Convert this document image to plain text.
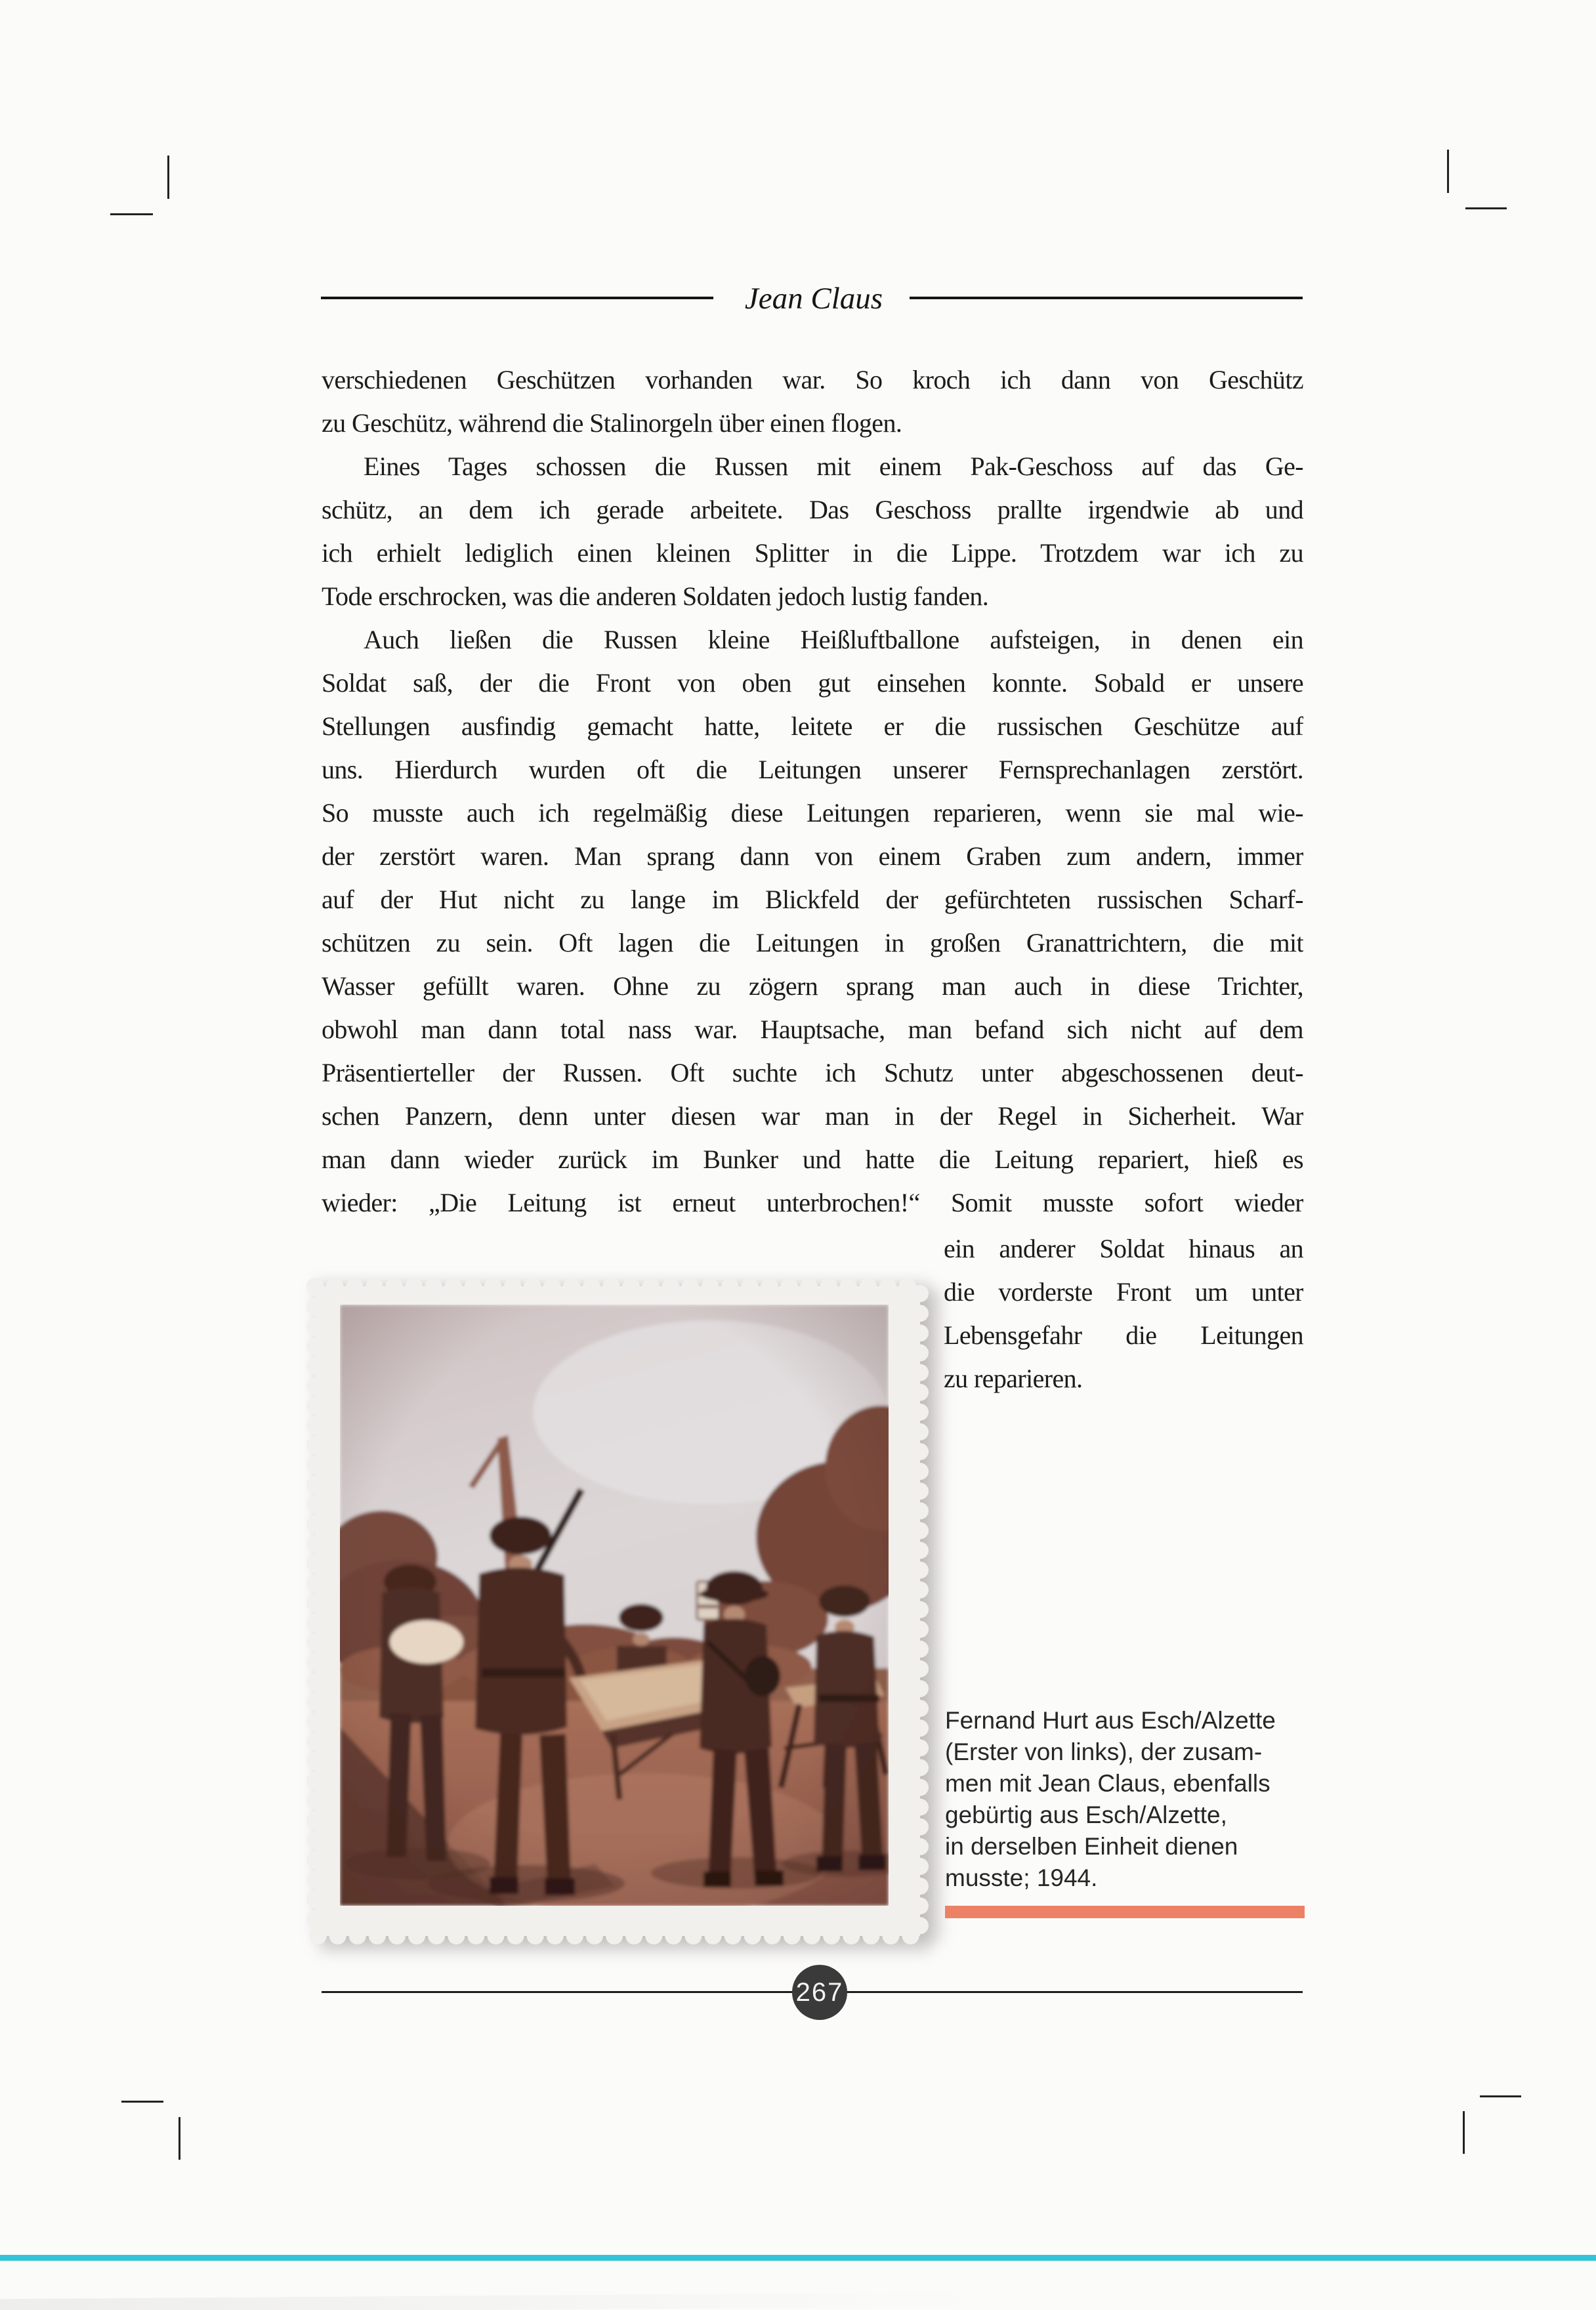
Jean Claus
verschiedenen Geschützen vorhanden war. So kroch ich dann von Geschütz
zu Geschütz, während die Stalinorgeln über einen flogen.
Eines Tages schossen die Russen mit einem Pak-Geschoss auf das Ge-
schütz, an dem ich gerade arbeitete. Das Geschoss prallte irgendwie ab und
ich erhielt lediglich einen kleinen Splitter in die Lippe. Trotzdem war ich zu
Tode erschrocken, was die anderen Soldaten jedoch lustig fanden.
Auch ließen die Russen kleine Heißluftballone aufsteigen, in denen ein
Soldat saß, der die Front von oben gut einsehen konnte. Sobald er unsere
Stellungen ausfindig gemacht hatte, leitete er die russischen Geschütze auf
uns. Hierdurch wurden oft die Leitungen unserer Fernsprechanlagen zerstört.
So musste auch ich regelmäßig diese Leitungen reparieren, wenn sie mal wie-
der zerstört waren. Man sprang dann von einem Graben zum andern, immer
auf der Hut nicht zu lange im Blickfeld der gefürchteten russischen Scharf-
schützen zu sein. Oft lagen die Leitungen in großen Granattrichtern, die mit
Wasser gefüllt waren. Ohne zu zögern sprang man auch in diese Trichter,
obwohl man dann total nass war. Hauptsache, man befand sich nicht auf dem
Präsentierteller der Russen. Oft suchte ich Schutz unter abgeschossenen deut-
schen Panzern, denn unter diesen war man in der Regel in Sicherheit. War
man dann wieder zurück im Bunker und hatte die Leitung repariert, hieß es
wieder: „Die Leitung ist erneut unterbrochen!“ Somit musste sofort wieder
ein anderer Soldat hinaus an
die vorderste Front um unter
Lebensgefahr die Leitungen
zu reparieren.
Fernand Hurt aus Esch/Alzette
(Erster von links), der zusam-
men mit Jean Claus, ebenfalls
gebürtig aus Esch/Alzette,
in derselben Einheit dienen
musste; 1944.
267
